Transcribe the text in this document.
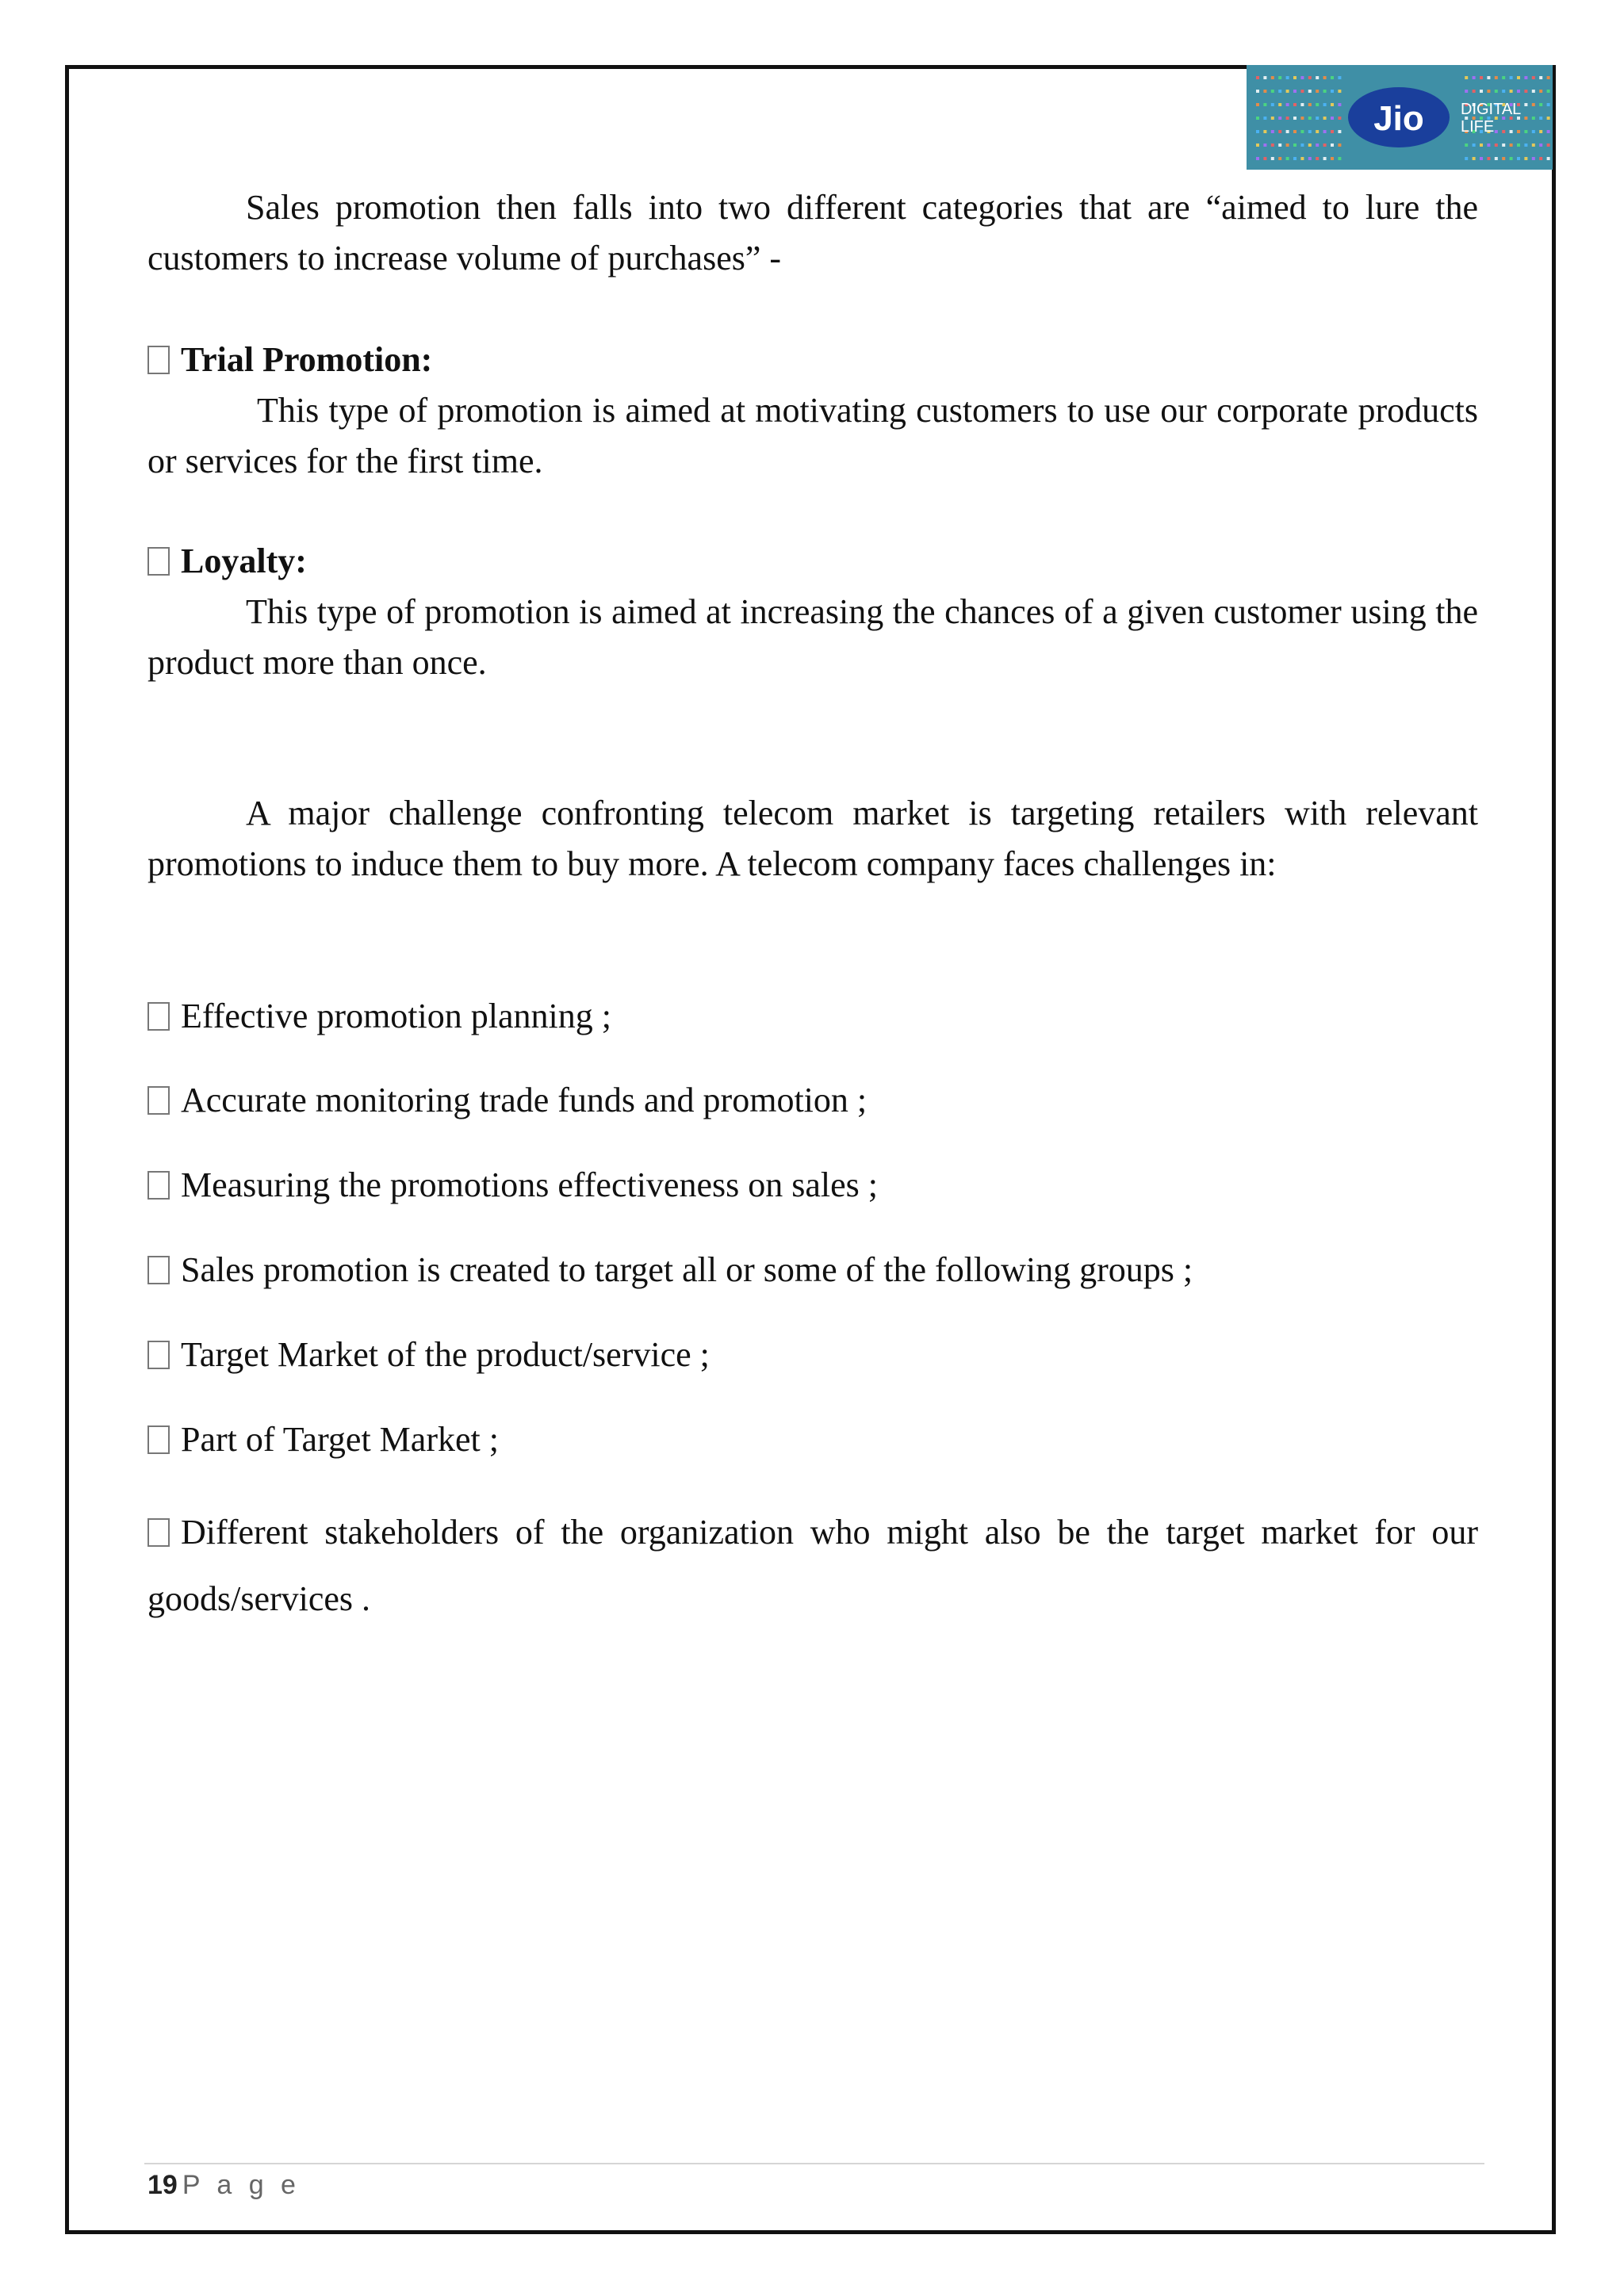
Jio DIGITAL
LIFE
Sales promotion then falls into two different categories that are “aimed to lure the customers to increase volume of purchases” -
Trial Promotion:
This type of promotion is aimed at motivating customers to use our corporate products or services for the first time.
Loyalty:
This type of promotion is aimed at increasing the chances of a given customer using the product more than once.
A major challenge confronting telecom market is targeting retailers with relevant promotions to induce them to buy more. A telecom company faces challenges in:
Effective promotion planning ;
Accurate monitoring trade funds and promotion ;
Measuring the promotions effectiveness on sales ;
Sales promotion is created to target all or some of the following groups ;
Target Market of the product/service ;
Part of Target Market ;
Different stakeholders of the organization who might also be the target market for our goods/services .
19 P a g e
